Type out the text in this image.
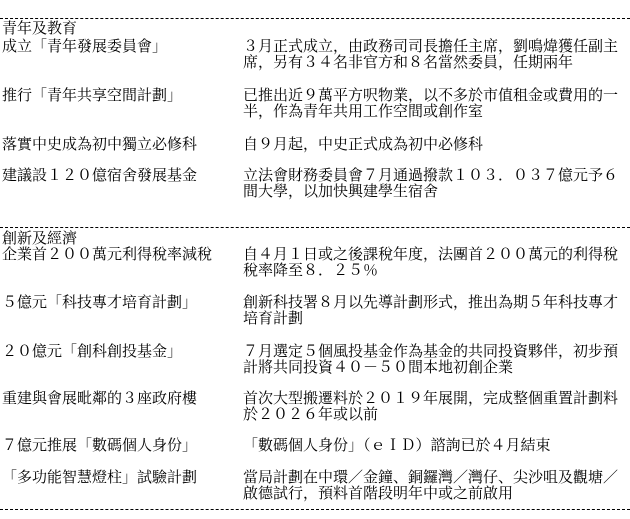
青年及教育
成立「青年發展委員會」	３月正式成立，由政務司司長擔任主席，劉鳴煒獲任副主席，另有３４名非官方和８名當然委員，任期兩年
推行「青年共享空間計劃」	已推出近９萬平方呎物業，以不多於市值租金或費用的一半，作為青年共用工作空間或創作室
落實中史成為初中獨立必修科	自９月起，中史正式成為初中必修科
建議設１２０億宿舍發展基金	立法會財務委員會７月通過撥款１０３．０３７億元予６間大學，以加快興建學生宿舍
創新及經濟
企業首２００萬元利得稅率減稅	自４月１日或之後課稅年度，法團首２００萬元的利得稅稅率降至８．２５％
５億元「科技專才培育計劃」	創新科技署８月以先導計劃形式，推出為期５年科技專才培育計劃
２０億元「創科創投基金」	７月選定５個風投基金作為基金的共同投資夥伴，初步預計將共同投資４０－５０間本地初創企業
重建與會展毗鄰的３座政府樓	首次大型搬遷料於２０１９年展開，完成整個重置計劃料於２０２６年或以前
７億元推展「數碼個人身份」	「數碼個人身份」（ｅＩＤ）諮詢已於４月結束
「多功能智慧燈柱」試驗計劃	當局計劃在中環／金鐘、銅鑼灣／灣仔、尖沙咀及觀塘／啟德試行，預料首階段明年中或之前啟用
